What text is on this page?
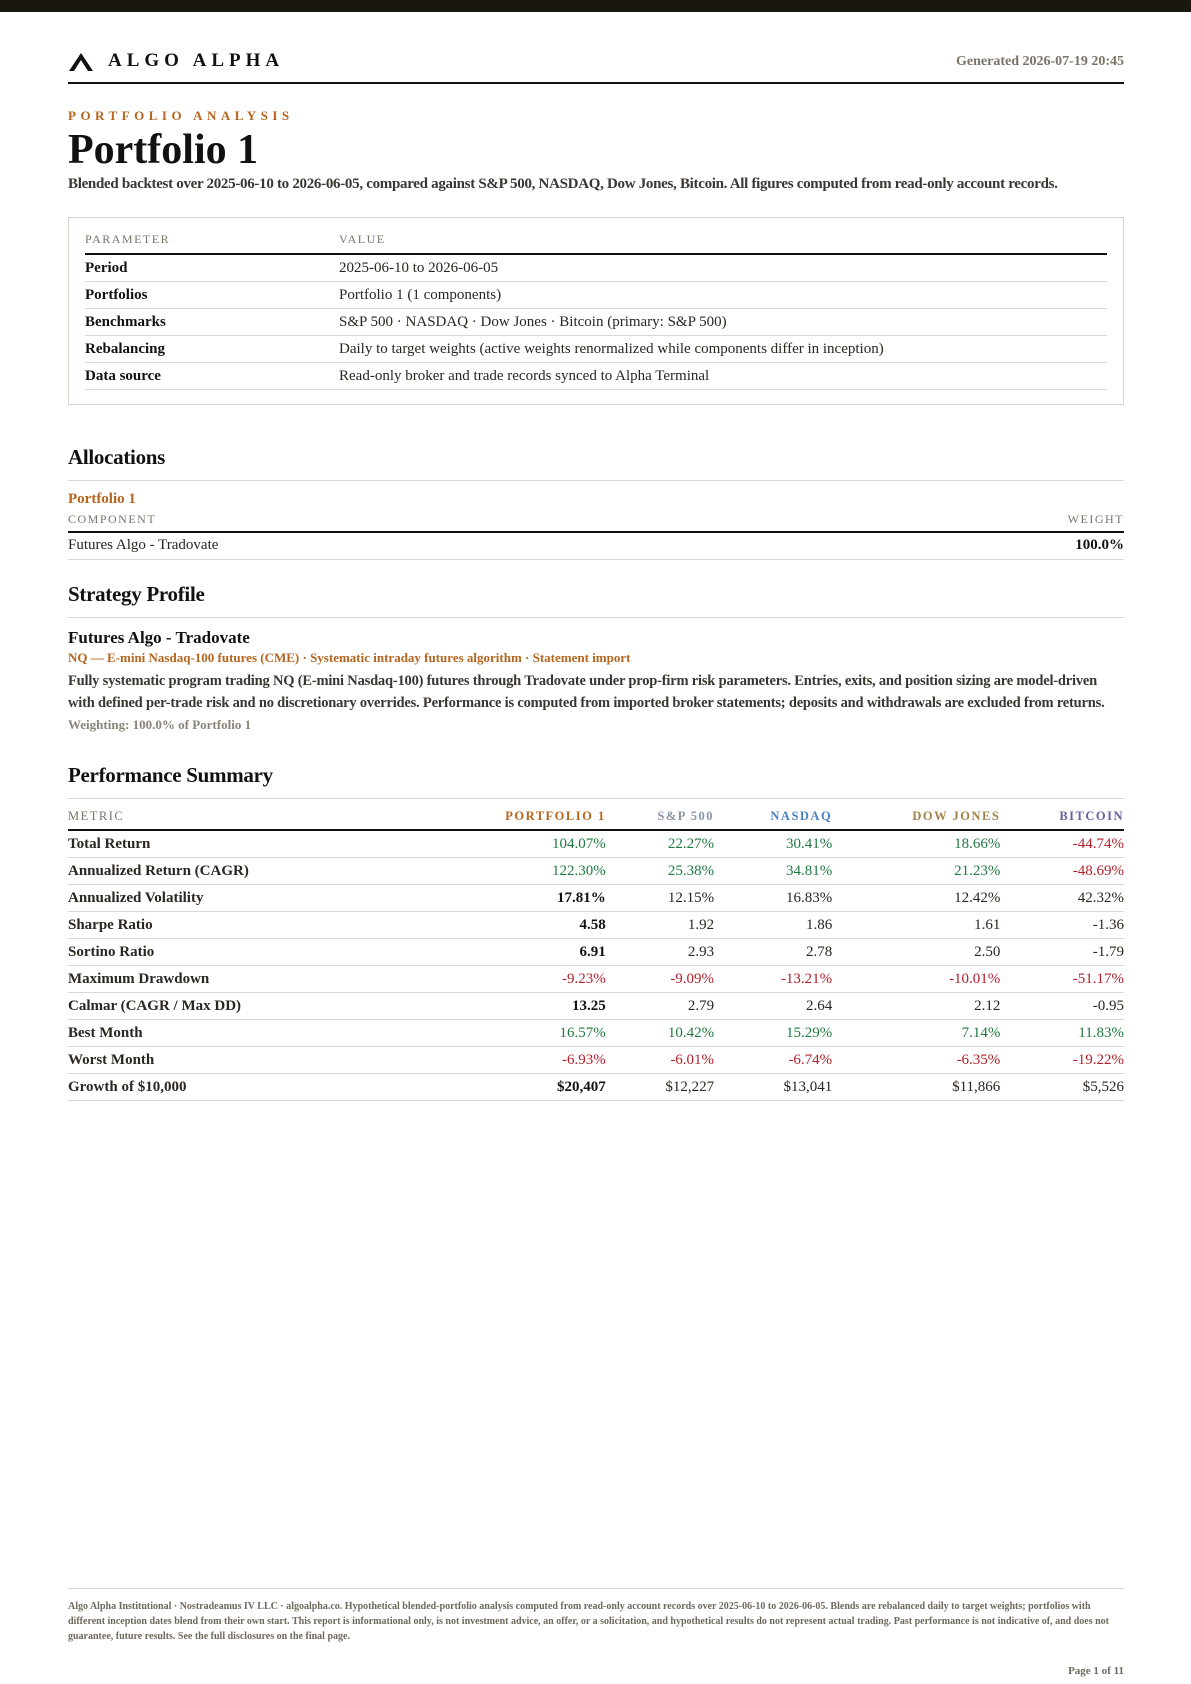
ALGO ALPHA	Generated 2026-07-19 20:45
PORTFOLIO ANALYSIS
Portfolio 1
Blended backtest over 2025-06-10 to 2026-06-05, compared against S&P 500, NASDAQ, Dow Jones, Bitcoin. All figures computed from read-only account records.
PARAMETER	VALUE
Period	2025-06-10 to 2026-06-05
Portfolios	Portfolio 1 (1 components)
Benchmarks	S&P 500 · NASDAQ · Dow Jones · Bitcoin (primary: S&P 500)
Rebalancing	Daily to target weights (active weights renormalized while components differ in inception)
Data source	Read-only broker and trade records synced to Alpha Terminal
Allocations
Portfolio 1
COMPONENT	WEIGHT
Futures Algo - Tradovate	100.0%
Strategy Profile
Futures Algo - Tradovate
NQ — E-mini Nasdaq-100 futures (CME) · Systematic intraday futures algorithm · Statement import
Fully systematic program trading NQ (E-mini Nasdaq-100) futures through Tradovate under prop-firm risk parameters. Entries, exits, and position sizing are model-driven with defined per-trade risk and no discretionary overrides. Performance is computed from imported broker statements; deposits and withdrawals are excluded from returns.
Weighting: 100.0% of Portfolio 1
Performance Summary
METRIC	PORTFOLIO 1	S&P 500	NASDAQ	DOW JONES	BITCOIN
Total Return	104.07%	22.27%	30.41%	18.66%	-44.74%
Annualized Return (CAGR)	122.30%	25.38%	34.81%	21.23%	-48.69%
Annualized Volatility	17.81%	12.15%	16.83%	12.42%	42.32%
Sharpe Ratio	4.58	1.92	1.86	1.61	-1.36
Sortino Ratio	6.91	2.93	2.78	2.50	-1.79
Maximum Drawdown	-9.23%	-9.09%	-13.21%	-10.01%	-51.17%
Calmar (CAGR / Max DD)	13.25	2.79	2.64	2.12	-0.95
Best Month	16.57%	10.42%	15.29%	7.14%	11.83%
Worst Month	-6.93%	-6.01%	-6.74%	-6.35%	-19.22%
Growth of $10,000	$20,407	$12,227	$13,041	$11,866	$5,526
Algo Alpha Institutional · Nostradeamus IV LLC · algoalpha.co. Hypothetical blended-portfolio analysis computed from read-only account records over 2025-06-10 to 2026-06-05. Blends are rebalanced daily to target weights; portfolios with different inception dates blend from their own start. This report is informational only, is not investment advice, an offer, or a solicitation, and hypothetical results do not represent actual trading. Past performance is not indicative of, and does not guarantee, future results. See the full disclosures on the final page.
Page 1 of 11
